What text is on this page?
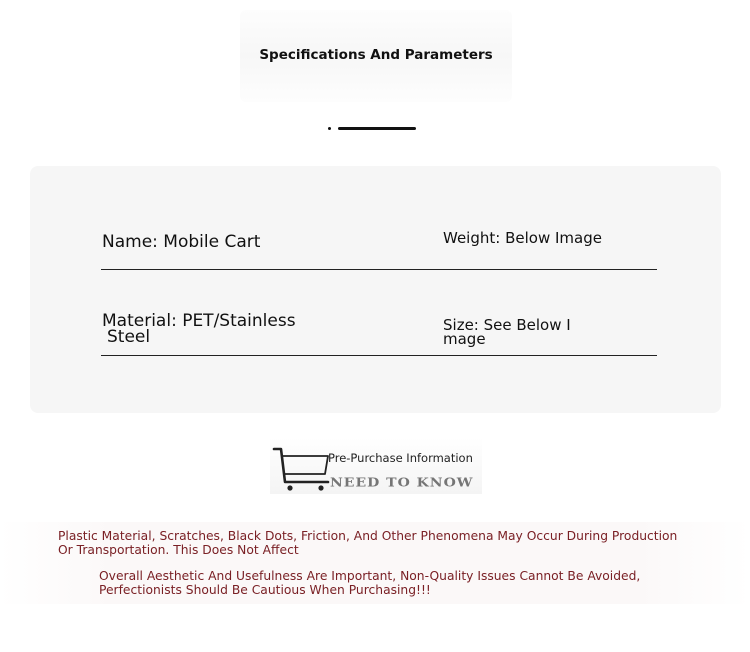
Specifications And Parameters
Name: Mobile Cart	Weight: Below Image
Material: PET/Stainless
Steel
Size: See Below I
mage
Pre-Purchase Information
NEED TO KNOW

Plastic Material, Scratches, Black Dots, Friction, And Other Phenomena May Occur During Production Or Transportation. This Does Not Affect

Overall Aesthetic And Usefulness Are Important, Non-Quality Issues Cannot Be Avoided, Perfectionists Should Be Cautious When Purchasing!!!
